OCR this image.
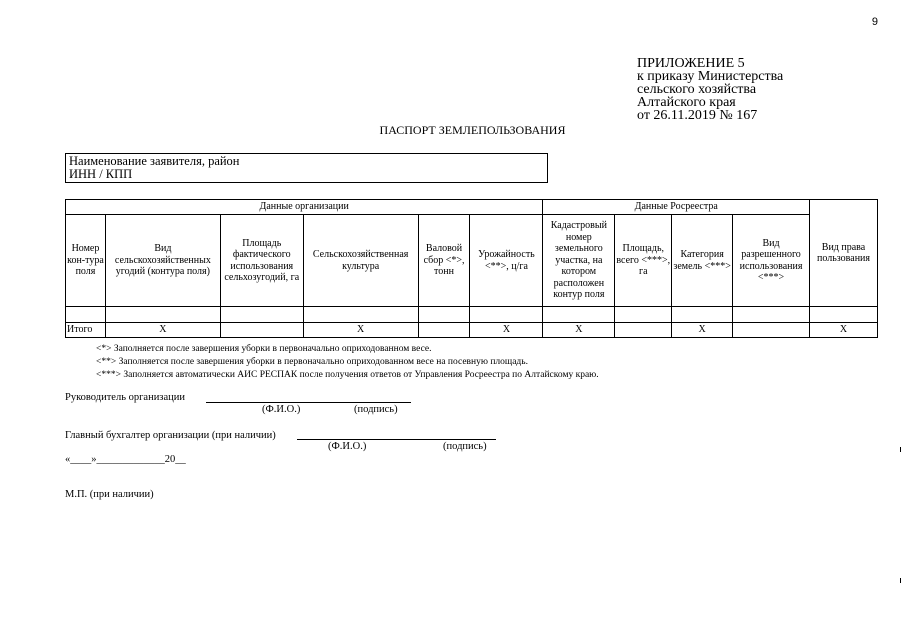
9
ПРИЛОЖЕНИЕ 5
к приказу Министерства
сельского хозяйства
Алтайского края
от 26.11.2019 № 167
ПАСПОРТ ЗЕМЛЕПОЛЬЗОВАНИЯ
Наименование заявителя, район
ИНН / КПП
Данные организации						Данные Росреестра				Вид права пользования
Номер кон-тура поля	Вид сельскохозяйственных угодий (контура поля)	Площадь фактического использования сельхозугодий, га	Сельскохозяйственная культура	Валовой сбор <*>, тонн	Урожайность <**>, ц/га	Кадастровый номер земельного участка, на котором расположен контур поля	Площадь, всего <***>, га	Категория земель <***>	Вид разрешенного использования <***>	

Итого	Х		Х		Х	Х		Х		Х
<*> Заполняется после завершения уборки в первоначально оприходованном весе.
<**> Заполняется после завершения уборки в первоначально оприходованном весе на посевную площадь.
<***> Заполняется автоматически АИС РЕСПАК после получения ответов от Управления Росреестра по Алтайскому краю.
Руководитель организации
(Ф.И.О.)	(подпись)
Главный бухгалтер организации (при наличии)
(Ф.И.О.)	(подпись)
«____»_____________20__
М.П. (при наличии)
